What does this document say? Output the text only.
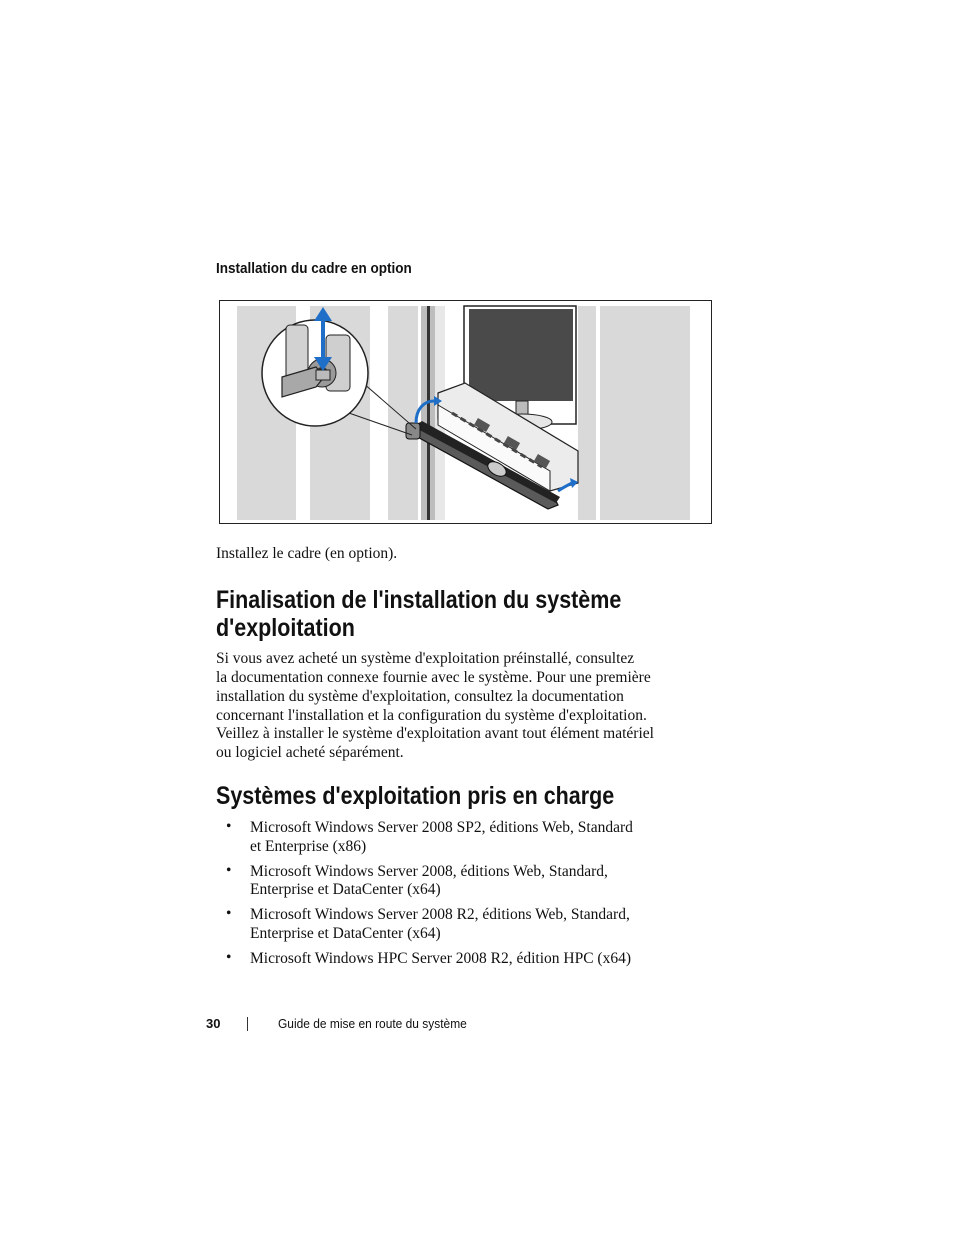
Installation du cadre en option
Installez le cadre (en option).
Finalisation de l'installation du système
d'exploitation
Si vous avez acheté un système d'exploitation préinstallé, consultez
la documentation connexe fournie avec le système. Pour une première
installation du système d'exploitation, consultez la documentation
concernant l'installation et la configuration du système d'exploitation.
Veillez à installer le système d'exploitation avant tout élément matériel
ou logiciel acheté séparément.
Systèmes d'exploitation pris en charge
• Microsoft Windows Server 2008 SP2, éditions Web, Standard
et Enterprise (x86)
• Microsoft Windows Server 2008, éditions Web, Standard,
Enterprise et DataCenter (x64)
• Microsoft Windows Server 2008 R2, éditions Web, Standard,
Enterprise et DataCenter (x64)
• Microsoft Windows HPC Server 2008 R2, édition HPC (x64)
30	Guide de mise en route du système
